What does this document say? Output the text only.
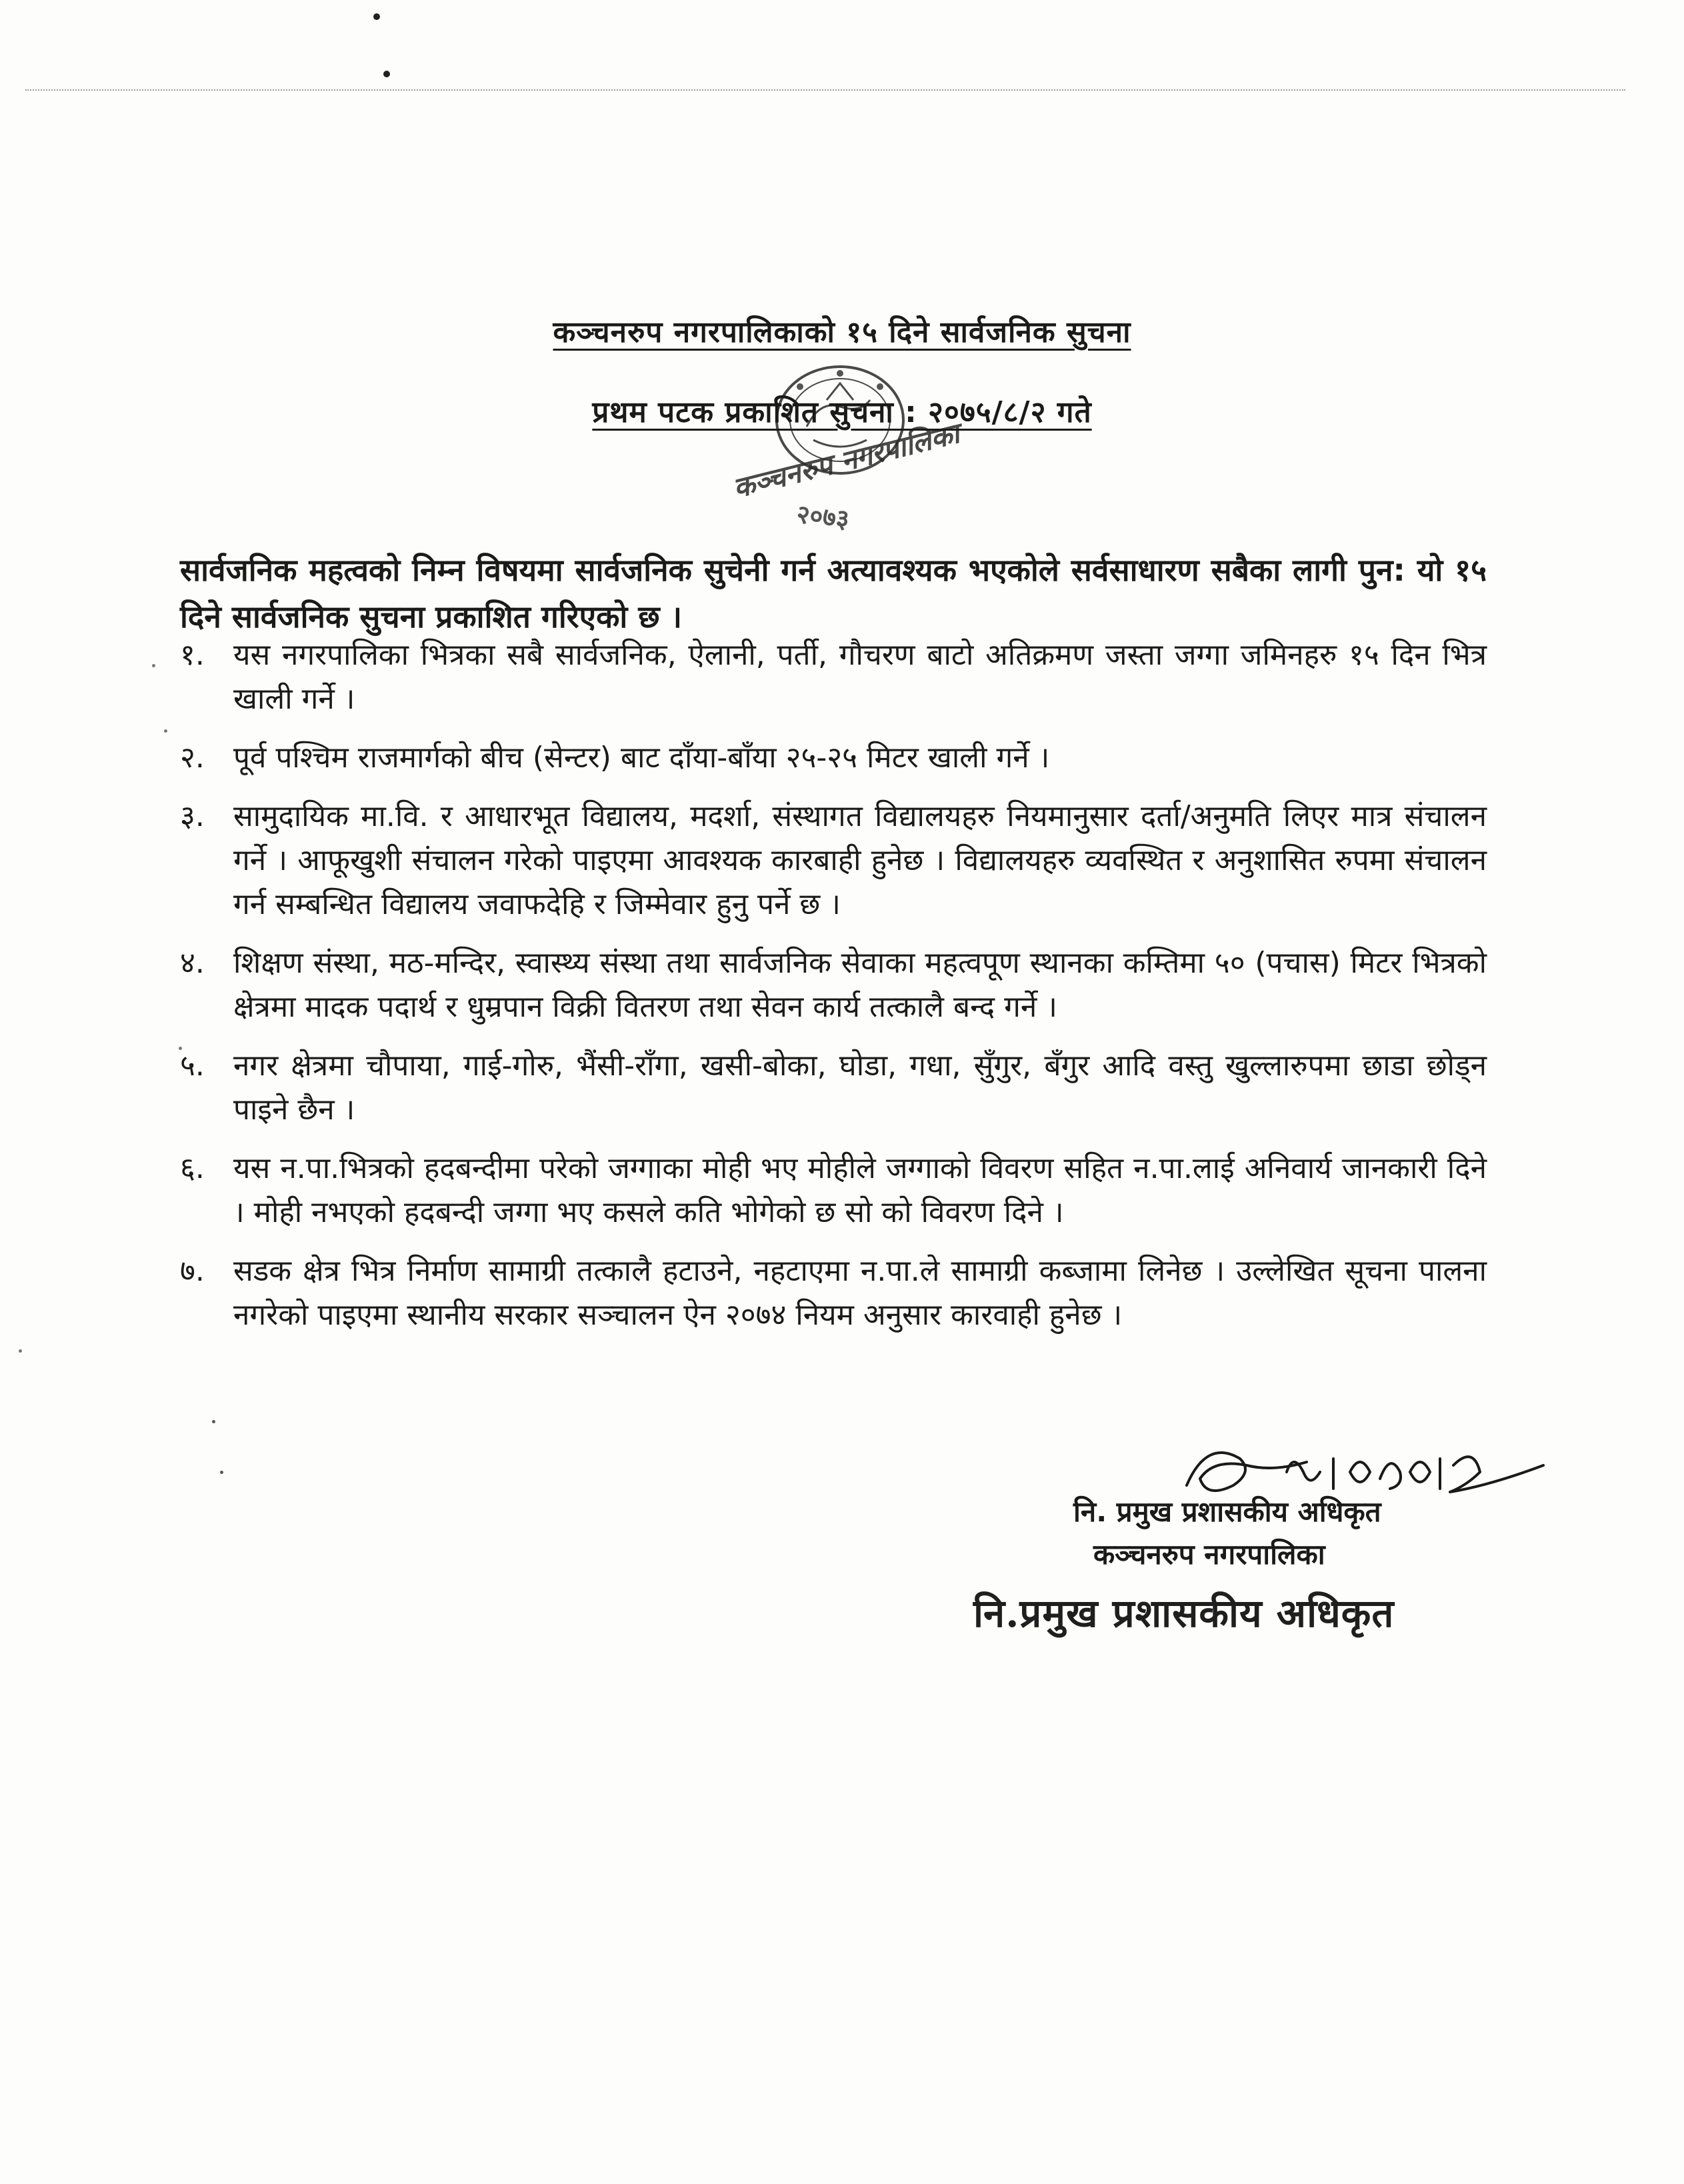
कञ्चनरुप नगरपालिकाको १५ दिने सार्वजनिक सुचना
कञ्चनरुप नगरपालिका
२०७३
प्रथम पटक प्रकाशित सुचना : २०७५/८/२ गते
सार्वजनिक महत्वको निम्न विषयमा सार्वजनिक सुचेनी गर्न अत्यावश्यक भएकोले सर्वसाधारण सबैका लागी पुन: यो १५ दिने सार्वजनिक सुचना प्रकाशित गरिएको छ ।
१. यस नगरपालिका भित्रका सबै सार्वजनिक, ऐलानी, पर्ती, गौचरण बाटो अतिक्रमण जस्ता जग्गा जमिनहरु १५ दिन भित्र खाली गर्ने ।
२. पूर्व पश्चिम राजमार्गको बीच (सेन्टर) बाट दाँया-बाँया २५-२५ मिटर खाली गर्ने ।
३. सामुदायिक मा.वि. र आधारभूत विद्यालय, मदर्शा, संस्थागत विद्यालयहरु नियमानुसार दर्ता/अनुमति लिएर मात्र संचालन गर्ने । आफूखुशी संचालन गरेको पाइएमा आवश्यक कारबाही हुनेछ । विद्यालयहरु व्यवस्थित र अनुशासित रुपमा संचालन गर्न सम्बन्धित विद्यालय जवाफदेहि र जिम्मेवार हुनु पर्ने छ ।
४. शिक्षण संस्था, मठ-मन्दिर, स्वास्थ्य संस्था तथा सार्वजनिक सेवाका महत्वपूण स्थानका कम्तिमा ५० (पचास) मिटर भित्रको क्षेत्रमा मादक पदार्थ र धुम्रपान विक्री वितरण तथा सेवन कार्य तत्कालै बन्द गर्ने ।
५. नगर क्षेत्रमा चौपाया, गाई-गोरु, भैंसी-राँगा, खसी-बोका, घोडा, गधा, सुँगुर, बँगुर आदि वस्तु खुल्लारुपमा छाडा छोड्न पाइने छैन ।
६. यस न.पा.भित्रको हदबन्दीमा परेको जग्गाका मोही भए मोहीले जग्गाको विवरण सहित न.पा.लाई अनिवार्य जानकारी दिने । मोही नभएको हदबन्दी जग्गा भए कसले कति भोगेको छ सो को विवरण दिने ।
७. सडक क्षेत्र भित्र निर्माण सामाग्री तत्कालै हटाउने, नहटाएमा न.पा.ले सामाग्री कब्जामा लिनेछ । उल्लेखित सूचना पालना नगरेको पाइएमा स्थानीय सरकार सञ्चालन ऐन २०७४ नियम अनुसार कारवाही हुनेछ ।
नि. प्रमुख प्रशासकीय अधिकृत
कञ्चनरुप नगरपालिका
नि.प्रमुख प्रशासकीय अधिकृत
